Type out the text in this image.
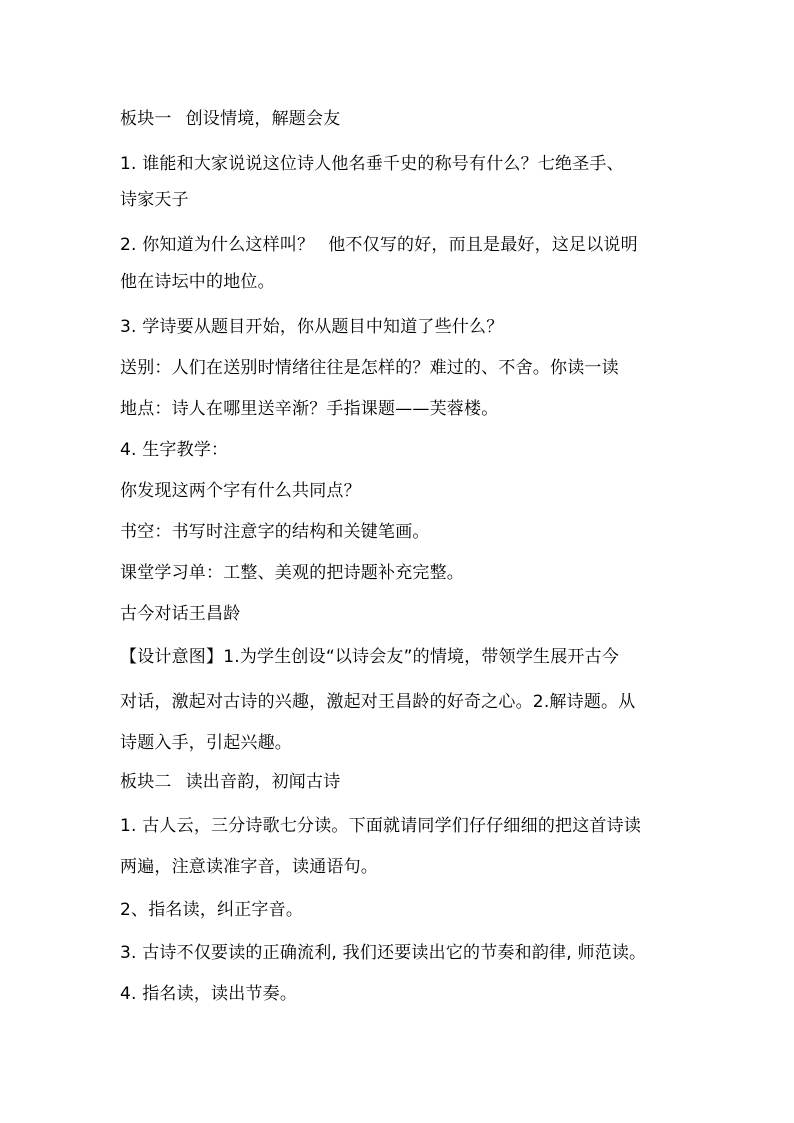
板块一 创设情境，解题会友
1. 谁能和大家说说这位诗人他名垂千史的称号有什么？七绝圣手、
诗家天子
2. 你知道为什么这样叫？ 他不仅写的好，而且是最好，这足以说明
他在诗坛中的地位。
3. 学诗要从题目开始，你从题目中知道了些什么？
送别：人们在送别时情绪往往是怎样的？难过的、不舍。你读一读
地点：诗人在哪里送辛渐？手指课题——芙蓉楼。
4. 生字教学：
你发现这两个字有什么共同点？
书空：书写时注意字的结构和关键笔画。
课堂学习单：工整、美观的把诗题补充完整。
古今对话王昌龄
【设计意图】1.为学生创设“以诗会友”的情境，带领学生展开古今
对话，激起对古诗的兴趣，激起对王昌龄的好奇之心。2.解诗题。从
诗题入手，引起兴趣。
板块二 读出音韵，初闻古诗
1. 古人云，三分诗歌七分读。下面就请同学们仔仔细细的把这首诗读
两遍，注意读准字音，读通语句。
2、指名读，纠正字音。
3. 古诗不仅要读的正确流利, 我们还要读出它的节奏和韵律, 师范读。
4. 指名读，读出节奏。
